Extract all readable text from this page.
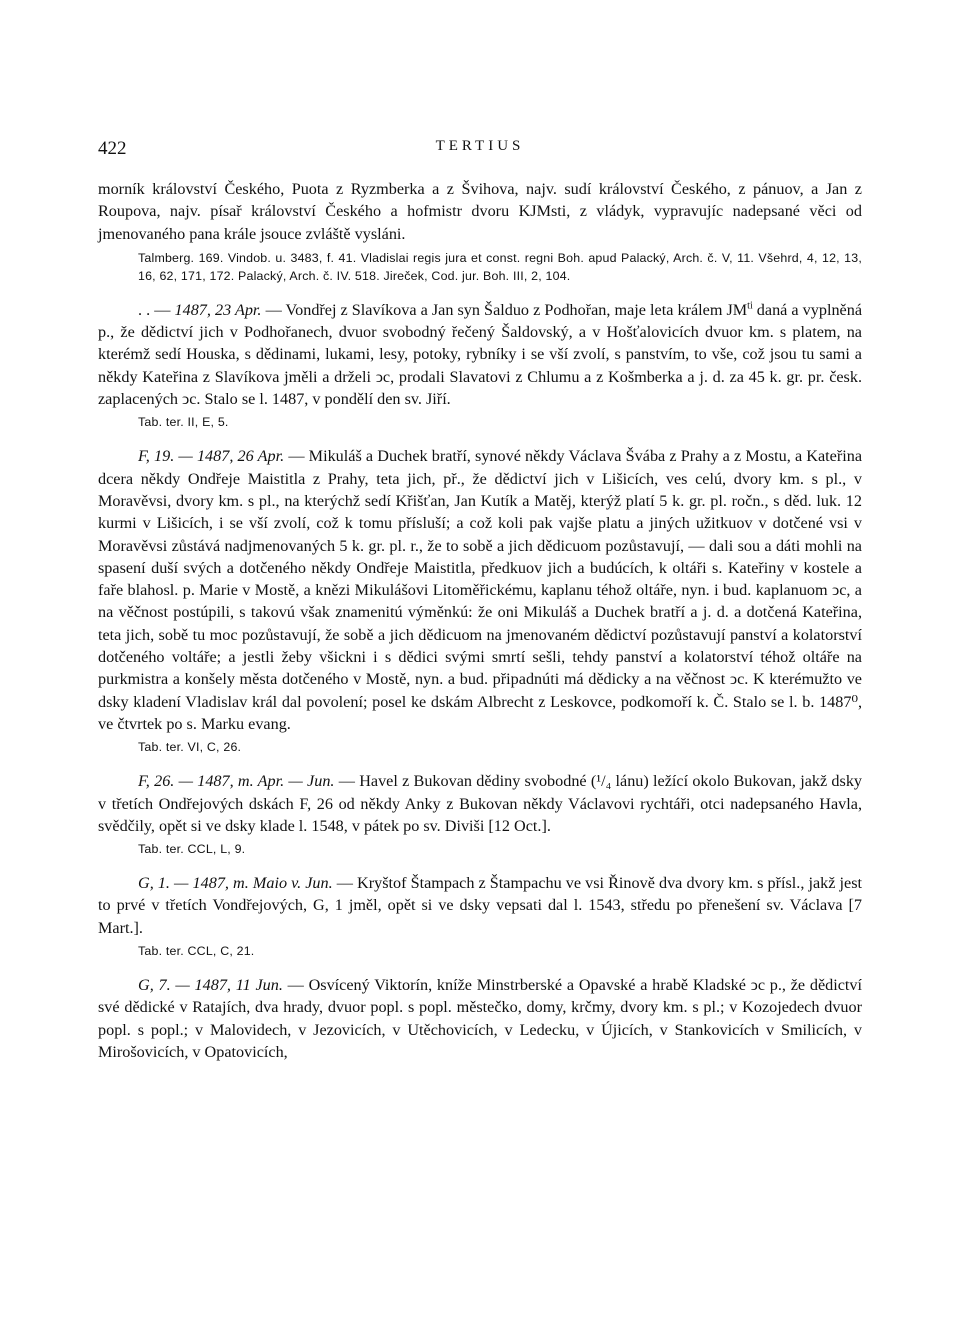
422	TERTIUS

morník království Českého, Puota z Ryzmberka a z Švihova, najv. sudí království Českého, z pánuov, a Jan z Roupova, najv. písař království Českého a hofmistr dvoru KJMsti, z vládyk, vypravujíc nadepsané věci od jmenovaného pana krále jsouce zvláště vysláni.

Talmberg. 169. Vindob. u. 3483, f. 41. Vladislai regis jura et const. regni Boh. apud Palacký, Arch. č. V, 11. Všehrd, 4, 12, 13, 16, 62, 171, 172. Palacký, Arch. č. IV. 518. Jireček, Cod. jur. Boh. III, 2, 104.

. . — 1487, 23 Apr. — Vondřej z Slavíkova a Jan syn Šalduo z Podhořan, maje leta králem $JM^{ti}$ daná a vyplněná p., že dědictví jich v Podhořanech, dvuor svobodný řečený Šaldovský, a v Hošťalovicích dvuor km. s platem, na kterémž sedí Houska, s dědinami, lukami, lesy, potoky, rybníky i se vší zvolí, s panstvím, to vše, což jsou tu sami a někdy Kateřina z Slavíkova jměli a drželi ↄc, prodali Slavatovi z Chlumu a z Košmberka a j. d. za 45 k. gr. pr. česk. zaplacených ↄc. Stalo se l. 1487, v pondělí den sv. Jiří.

Tab. ter. II, E, 5.

F, 19. — 1487, 26 Apr. — Mikuláš a Duchek bratří, synové někdy Václava Švába z Prahy a z Mostu, a Kateřina dcera někdy Ondřeje Maistitla z Prahy, teta jich, př., že dědictví jich v Lišicích, ves celú, dvory km. s pl., v Moravěvsi, dvory km. s pl., na kterýchž sedí Křišťan, Jan Kutík a Matěj, kterýž platí 5 k. gr. pl. ročn., s děd. luk. 12 kurmi v Lišicích, i se vší zvolí, což k tomu přísluší; a což koli pak vajše platu a jiných užitkuov v dotčené vsi v Moravěvsi zůstává nadjmenovaných 5 k. gr. pl. r., že to sobě a jich dědicuom pozůstavují, — dali sou a dáti mohli na spasení duší svých a dotčeného někdy Ondřeje Maistitla, předkuov jich a budúcích, k oltáři s. Kateřiny v kostele a faře blahosl. p. Marie v Mostě, a knězi Mikulášovi Litoměřickému, kaplanu téhož oltáře, nyn. i bud. kaplanuom ↄc, a na věčnost postúpili, s takovú však znamenitú výměnkú: že oni Mikuláš a Duchek bratří a j. d. a dotčená Kateřina, teta jich, sobě tu moc pozůstavují, že sobě a jich dědicuom na jmenovaném dědictví pozůstavují panství a kolatorství dotčeného voltáře; a jestli žeby všickni i s dědici svými smrtí sešli, tehdy panství a kolatorství téhož oltáře na purkmistra a konšely města dotčeného v Mostě, nyn. a bud. připadnúti má dědicky a na věčnost ↄc. K kterémužto ve dsky kladení Vladislav král dal povolení; posel ke dskám Albrecht z Leskovce, podkomoří k. Č. Stalo se l. b. 1487⁰, ve čtvrtek po s. Marku evang.

Tab. ter. VI, C, 26.

F, 26. — 1487, m. Apr. — Jun. — Havel z Bukovan dědiny svobodné (¹/₄ lánu) ležící okolo Bukovan, jakž dsky v třetích Ondřejových dskách F, 26 od někdy Anky z Bukovan někdy Václavovi rychtáři, otci nadepsaného Havla, svědčily, opět si ve dsky klade l. 1548, v pátek po sv. Diviši [12 Oct.].

Tab. ter. CCL, L, 9.

G, 1. — 1487, m. Maio v. Jun. — Kryštof Štampach z Štampachu ve vsi Řinově dva dvory km. s přísl., jakž jest to prvé v třetích Vondřejových, G, 1 jměl, opět si ve dsky vepsati dal l. 1543, středu po přenešení sv. Václava [7 Mart.].

Tab. ter. CCL, C, 21.

G, 7. — 1487, 11 Jun. — Osvícený Viktorín, kníže Minstrberské a Opavské a hrabě Kladské ↄc p., že dědictví své dědické v Ratajích, dva hrady, dvuor popl. s popl. městečko, domy, krčmy, dvory km. s pl.; v Kozojedech dvuor popl. s popl.; v Malovidech, v Jezovicích, v Utěchovicích, v Ledecku, v Újicích, v Stankovicích v Smilicích, v Mirošovicích, v Opatovicích,
